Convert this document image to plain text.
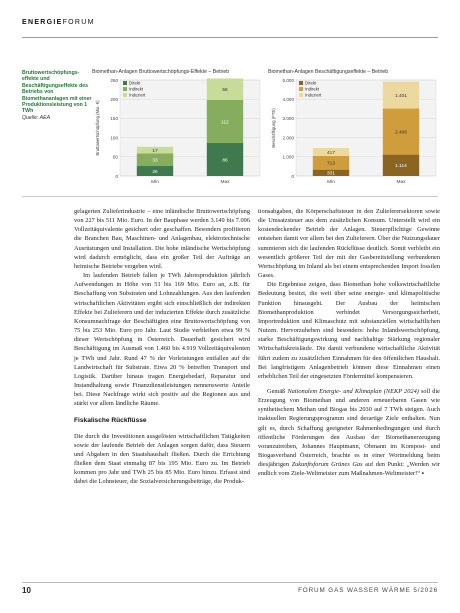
ENERGIEFORUM
Bruttowertschöpfungs-effekte und Beschäftigungseffekte des Betriebs von Biomethananlagen mit einer Produktionsleistung von 1 TWh
Quelle: AEA
Biomethan-Anlagen Bruttowertschöpfungs-Effekte – Betrieb
0
50
100
150
200
250
Bruttowertschöpfung (Mio. €)
Min
26
33
17
Max
86
112
56
Direkt
Indirekt
Induziert
Biomethan-Anlagen Beschäftigungseffekte – Betrieb
0
1.000
2.000
3.000
4.000
5.000
Beschäftigung (FTE)
Min
331
713
417
Max
1.114
2.406
1.401
Direkt
Indirekt
Induziert

gelagerten Zulieferindustrie – eine inländische Bruttowertschöpfung von 227 bis 511 Mio. Euro. In der Bauphase werden 3.149 bis 7.096 Vollzeitäquivalente gesichert oder geschaffen. Besonders profitieren die Branchen Bau, Maschinen- und Anlagenbau, elektrotechnische Ausrüstungen und Installation. Die hohe inländische Wertschöpfung wird dadurch ermöglicht, dass ein großer Teil der Aufträge an heimische Betriebe vergeben wird.

Im laufenden Betrieb fallen je TWh Jahresproduktion jährlich Aufwendungen in Höhe von 51 bis 169 Mio. Euro an, z.B. für Beschaffung von Substraten und Lohnzahlungen. Aus den laufenden wirtschaftlichen Aktivitäten ergibt sich einschließlich der indirekten Effekte bei Zulieferern und der induzierten Effekte durch zusätzliche Konsumnachfrage der Beschäftigten eine Bruttowertschöpfung von 75 bis 253 Mio. Euro pro Jahr. Laut Studie verbleiben etwa 99 % dieser Wertschöpfung in Österreich. Dauerhaft gesichert wird Beschäftigung im Ausmaß von 1.460 bis 4.919 Vollzeitäquivalenten je TWh und Jahr. Rund 47 % der Vorleistungen entfallen auf die Landwirtschaft für Substrate. Etwa 20 % betreffen Transport und Logistik. Darüber hinaus tragen Energiebedarf, Reparatur und Instandhaltung sowie Finanzdienstleistungen nennenswerte Anteile bei. Diese Nachfrage wirkt sich positiv auf die Regionen aus und stärkt vor allem ländliche Räume.

Fiskalische Rückflüsse

Die durch die Investitionen ausgelösten wirtschaftlichen Tätigkeiten sowie der laufende Betrieb der Anlagen sorgen dafür, dass Steuern und Abgaben in den Staatshaushalt fließen. Durch die Errichtung fließen dem Staat einmalig 87 bis 195 Mio. Euro zu. Im Betrieb kommen pro Jahr und TWh 25 bis 85 Mio. Euro hinzu. Erfasst sind dabei die Lohnsteuer, die Sozialversicherungsbeiträge, die Produk-

tionsabgaben, die Körperschaftsteuer in den Zulieferersektoren sowie die Umsatzsteuer aus dem zusätzlichen Konsum. Unterstellt wird ein kostendeckender Betrieb der Anlagen. Steuerpflichtige Gewinne entstehen damit vor allem bei den Zulieferern. Über die Nutzungsdauer summieren sich die laufenden Rückflüsse deutlich. Somit verbleibt ein wesentlich größerer Teil der mit der Gasbereitstellung verbundenen Wertschöpfung im Inland als bei einem entsprechenden Import fossilen Gases.

Die Ergebnisse zeigen, dass Biomethan hohe volkswirtschaftliche Bedeutung besitzt, die weit über seine energie- und klimapolitische Funktion hinausgeht. Der Ausbau der heimischen Biomethanproduktion verbindet Versorgungssicherheit, Importreduktion und Klimaschutz mit substanziellen wirtschaftlichen Nutzen. Hervorzuheben sind besonders: hohe Inlandswertschöpfung, starke Beschäftigungswirkung und nachhaltige Stärkung regionaler Wirtschaftskreisläufe. Die damit verbundene wirtschaftliche Aktivität führt zudem zu zusätzlichen Einnahmen für den öffentlichen Haushalt. Bei langfristigem Anlagenbetrieb können diese Einnahmen einen erheblichen Teil der eingesetzten Fördermittel kompensieren.

Gemäß Nationalem Energie- und Klimaplan (NEKP 2024) soll die Erzeugung von Biomethan und anderen erneuerbaren Gasen wie synthetischem Methan und Biogas bis 2030 auf 7 TWh steigen. Auch inaktuellen Regierungsprogramm sind derartige Ziele enthalten. Nun gilt es, durch Schaffung geeigneter Rahmenbedingungen und durch öffentliche Förderungen den Ausbau der Biomethanerzeugung voranzutreiben, Johannes Hauptmann, Obmann im Kompost- und Biogasverband Österreich, brachte es in einer Wortmeldung beim diesjährigen Zukunftsforum Grünes Gas auf den Punkt: „Werden wir endlich vom Ziele-Weltmeister zum Maßnahmen-Weltmeister!“ ▪

10	FORUM GAS WASSER WÄRME 5/2026
